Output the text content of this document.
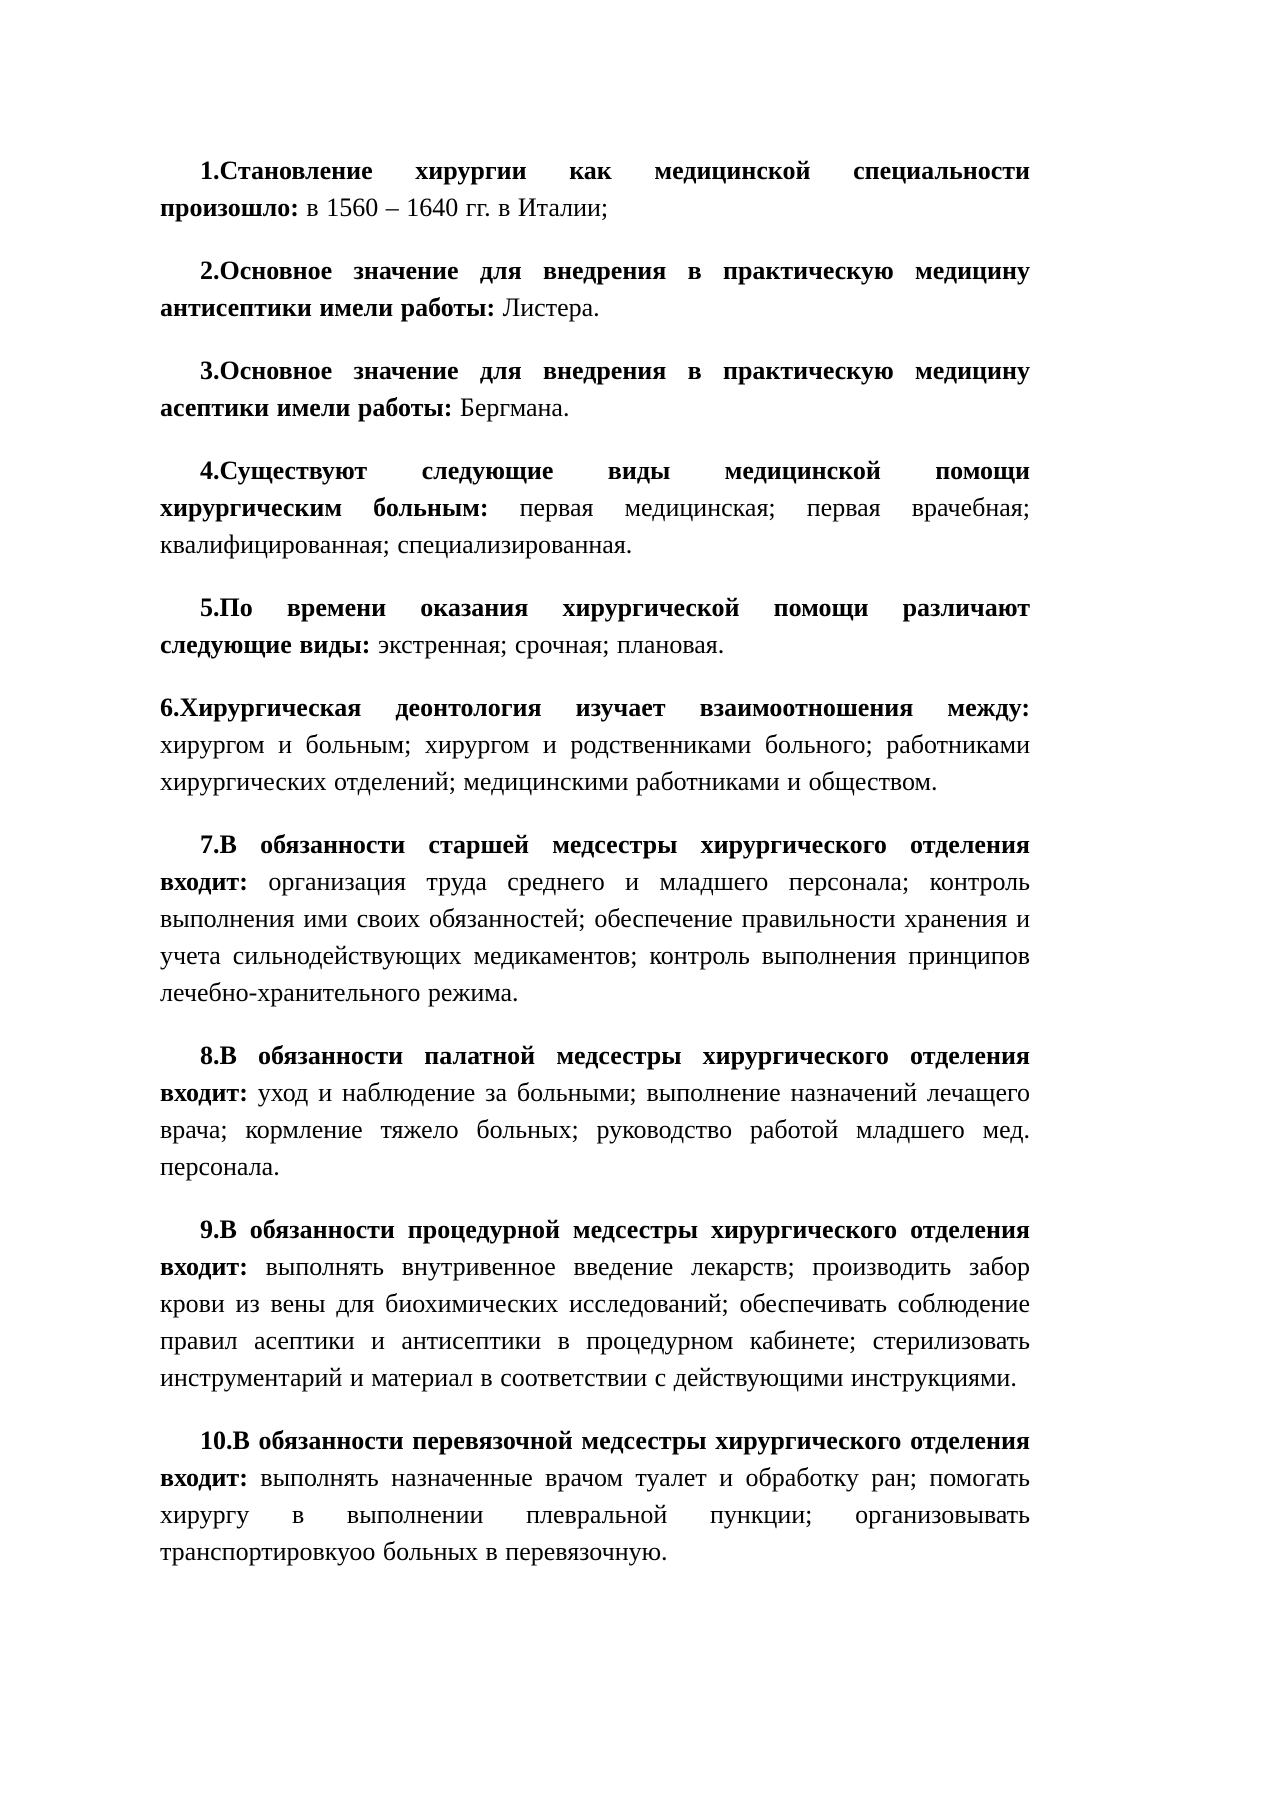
1.Становление хирургии как медицинской специальности произошло: в 1560 – 1640 гг. в Италии;

2.Основное значение для внедрения в практическую медицину антисептики имели работы: Листера.

3.Основное значение для внедрения в практическую медицину асептики имели работы: Бергмана.

4.Существуют следующие виды медицинской помощи хирургическим больным: первая медицинская; первая врачебная; квалифицированная; специализированная.

5.По времени оказания хирургической помощи различают следующие виды: экстренная; срочная; плановая.

6.Хирургическая деонтология изучает взаимоотношения между: хирургом и больным; хирургом и родственниками больного; работниками хирургических отделений; медицинскими работниками и обществом.

7.В обязанности старшей медсестры хирургического отделения входит: организация труда среднего и младшего персонала; контроль выполнения ими своих обязанностей; обеспечение правильности хранения и учета сильнодействующих медикаментов; контроль выполнения принципов лечебно-хранительного режима.

8.В обязанности палатной медсестры хирургического отделения входит: уход и наблюдение за больными; выполнение назначений лечащего врача; кормление тяжело больных; руководство работой младшего мед. персонала.

9.В обязанности процедурной медсестры хирургического отделения входит: выполнять внутривенное введение лекарств; производить забор крови из вены для биохимических исследований; обеспечивать соблюдение правил асептики и антисептики в процедурном кабинете; стерилизовать инструментарий и материал в соответствии с действующими инструкциями.

10.В обязанности перевязочной медсестры хирургического отделения входит: выполнять назначенные врачом туалет и обработку ран; помогать хирургу в выполнении плевральной пункции; организовывать транспортировкуоо больных в перевязочную.
